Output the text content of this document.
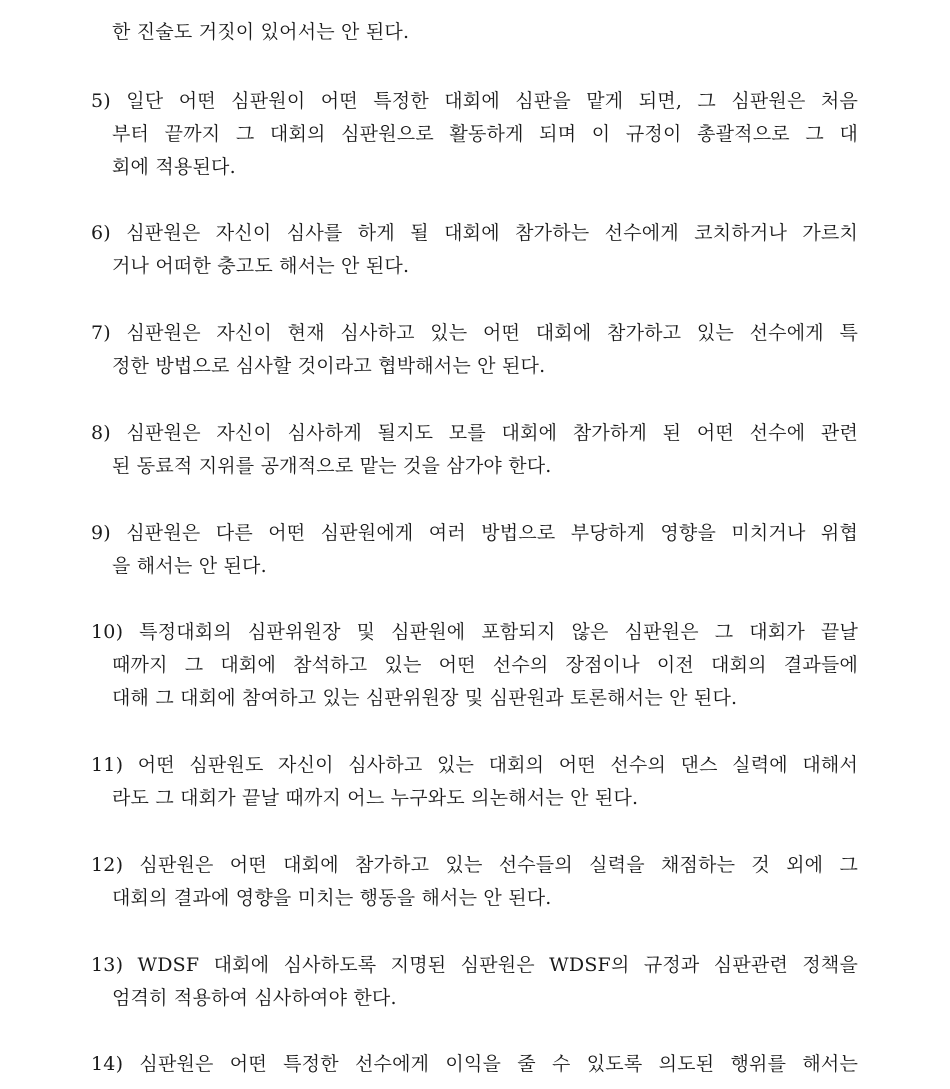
한 진술도 거짓이 있어서는 안 된다.
5) 일단 어떤 심판원이 어떤 특정한 대회에 심판을 맡게 되면, 그 심판원은 처음
부터 끝까지 그 대회의 심판원으로 활동하게 되며 이 규정이 총괄적으로 그 대
회에 적용된다.
6) 심판원은 자신이 심사를 하게 될 대회에 참가하는 선수에게 코치하거나 가르치
거나 어떠한 충고도 해서는 안 된다.
7) 심판원은 자신이 현재 심사하고 있는 어떤 대회에 참가하고 있는 선수에게 특
정한 방법으로 심사할 것이라고 협박해서는 안 된다.
8) 심판원은 자신이 심사하게 될지도 모를 대회에 참가하게 된 어떤 선수에 관련
된 동료적 지위를 공개적으로 맡는 것을 삼가야 한다.
9) 심판원은 다른 어떤 심판원에게 여러 방법으로 부당하게 영향을 미치거나 위협
을 해서는 안 된다.
10) 특정대회의 심판위원장 및 심판원에 포함되지 않은 심판원은 그 대회가 끝날
때까지 그 대회에 참석하고 있는 어떤 선수의 장점이나 이전 대회의 결과들에
대해 그 대회에 참여하고 있는 심판위원장 및 심판원과 토론해서는 안 된다.
11) 어떤 심판원도 자신이 심사하고 있는 대회의 어떤 선수의 댄스 실력에 대해서
라도 그 대회가 끝날 때까지 어느 누구와도 의논해서는 안 된다.
12) 심판원은 어떤 대회에 참가하고 있는 선수들의 실력을 채점하는 것 외에 그
대회의 결과에 영향을 미치는 행동을 해서는 안 된다.
13) WDSF 대회에 심사하도록 지명된 심판원은 WDSF의 규정과 심판관련 정책을
엄격히 적용하여 심사하여야 한다.
14) 심판원은 어떤 특정한 선수에게 이익을 줄 수 있도록 의도된 행위를 해서는
